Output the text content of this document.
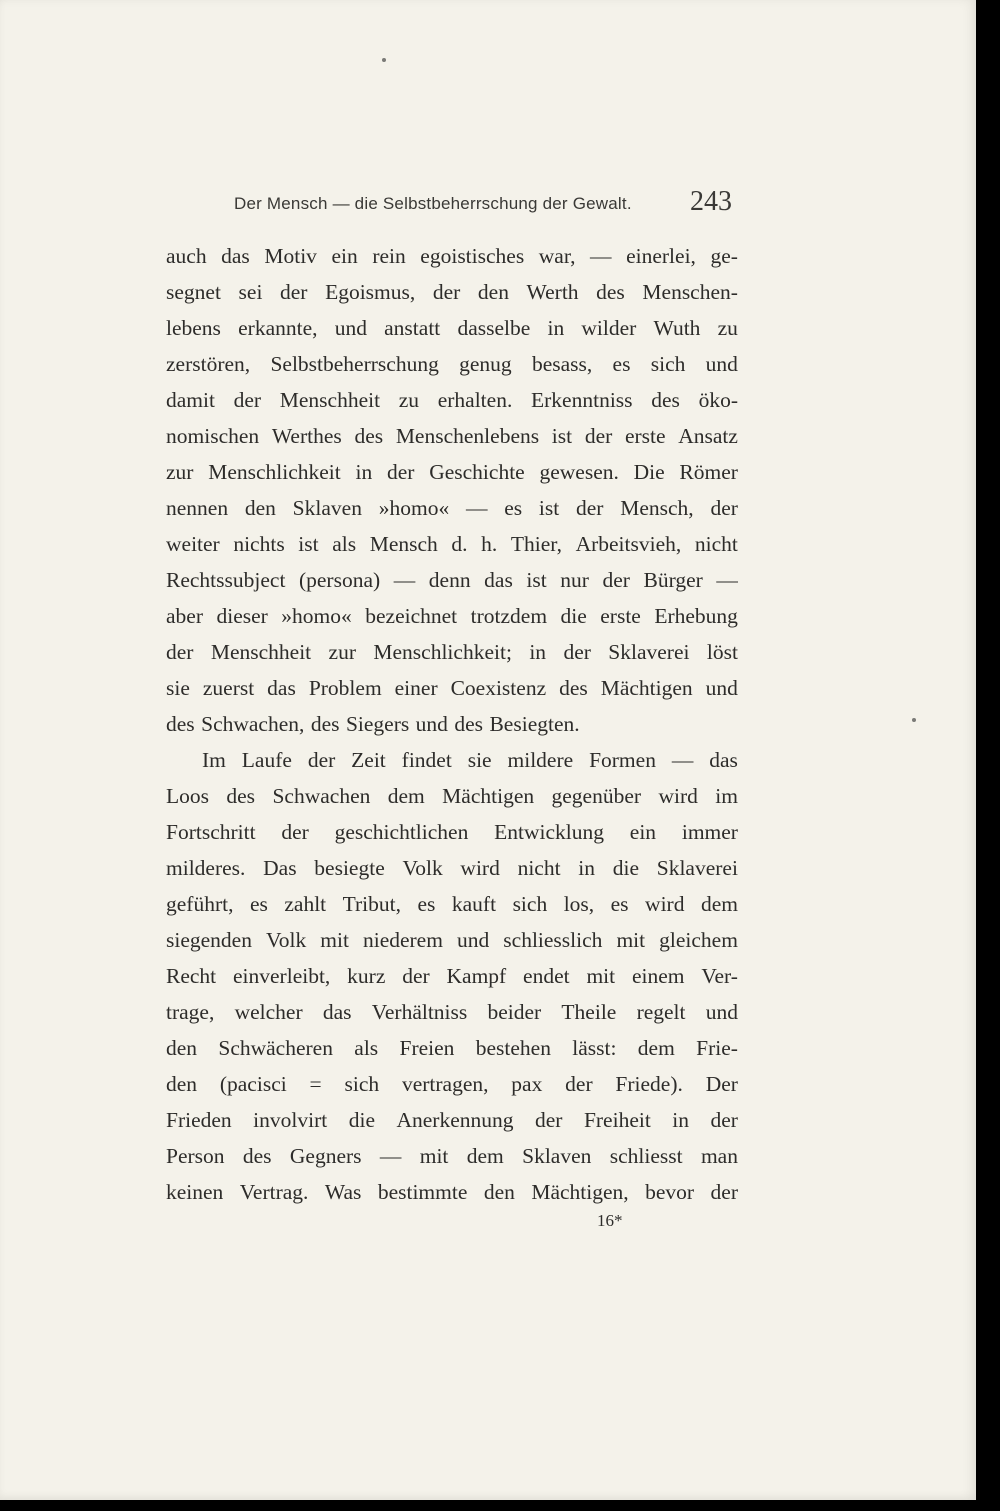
Der Mensch — die Selbstbeherrschung der Gewalt. 243
auch das Motiv ein rein egoistisches war, — einerlei, ge-
segnet sei der Egoismus, der den Werth des Menschen-
lebens erkannte, und anstatt dasselbe in wilder Wuth zu
zerstören, Selbstbeherrschung genug besass, es sich und
damit der Menschheit zu erhalten. Erkenntniss des öko-
nomischen Werthes des Menschenlebens ist der erste Ansatz
zur Menschlichkeit in der Geschichte gewesen. Die Römer
nennen den Sklaven »homo« — es ist der Mensch, der
weiter nichts ist als Mensch d. h. Thier, Arbeitsvieh, nicht
Rechtssubject (persona) — denn das ist nur der Bürger —
aber dieser »homo« bezeichnet trotzdem die erste Erhebung
der Menschheit zur Menschlichkeit; in der Sklaverei löst
sie zuerst das Problem einer Coexistenz des Mächtigen und
des Schwachen, des Siegers und des Besiegten.
Im Laufe der Zeit findet sie mildere Formen — das
Loos des Schwachen dem Mächtigen gegenüber wird im
Fortschritt der geschichtlichen Entwicklung ein immer
milderes. Das besiegte Volk wird nicht in die Sklaverei
geführt, es zahlt Tribut, es kauft sich los, es wird dem
siegenden Volk mit niederem und schliesslich mit gleichem
Recht einverleibt, kurz der Kampf endet mit einem Ver-
trage, welcher das Verhältniss beider Theile regelt und
den Schwächeren als Freien bestehen lässt: dem Frie-
den (pacisci = sich vertragen, pax der Friede). Der
Frieden involvirt die Anerkennung der Freiheit in der
Person des Gegners — mit dem Sklaven schliesst man
keinen Vertrag. Was bestimmte den Mächtigen, bevor der
16*
